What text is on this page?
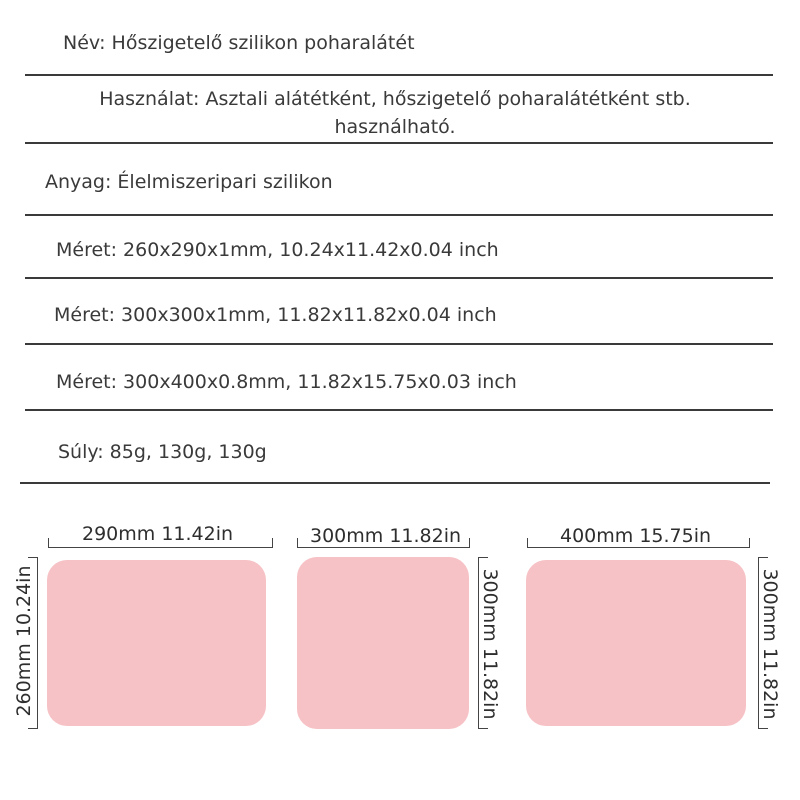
Név: Hőszigetelő szilikon poharalátét
Használat: Asztali alátétként, hőszigetelő poharalátétként stb. használható.
Anyag: Élelmiszeripari szilikon
Méret: 260x290x1mm, 10.24x11.42x0.04 inch
Méret: 300x300x1mm, 11.82x11.82x0.04 inch
Méret: 300x400x0.8mm, 11.82x15.75x0.03 inch
Súly: 85g, 130g, 130g
290mm 11.42in
260mm 10.24in
300mm 11.82in
300mm 11.82in
400mm 15.75in
300mm 11.82in
